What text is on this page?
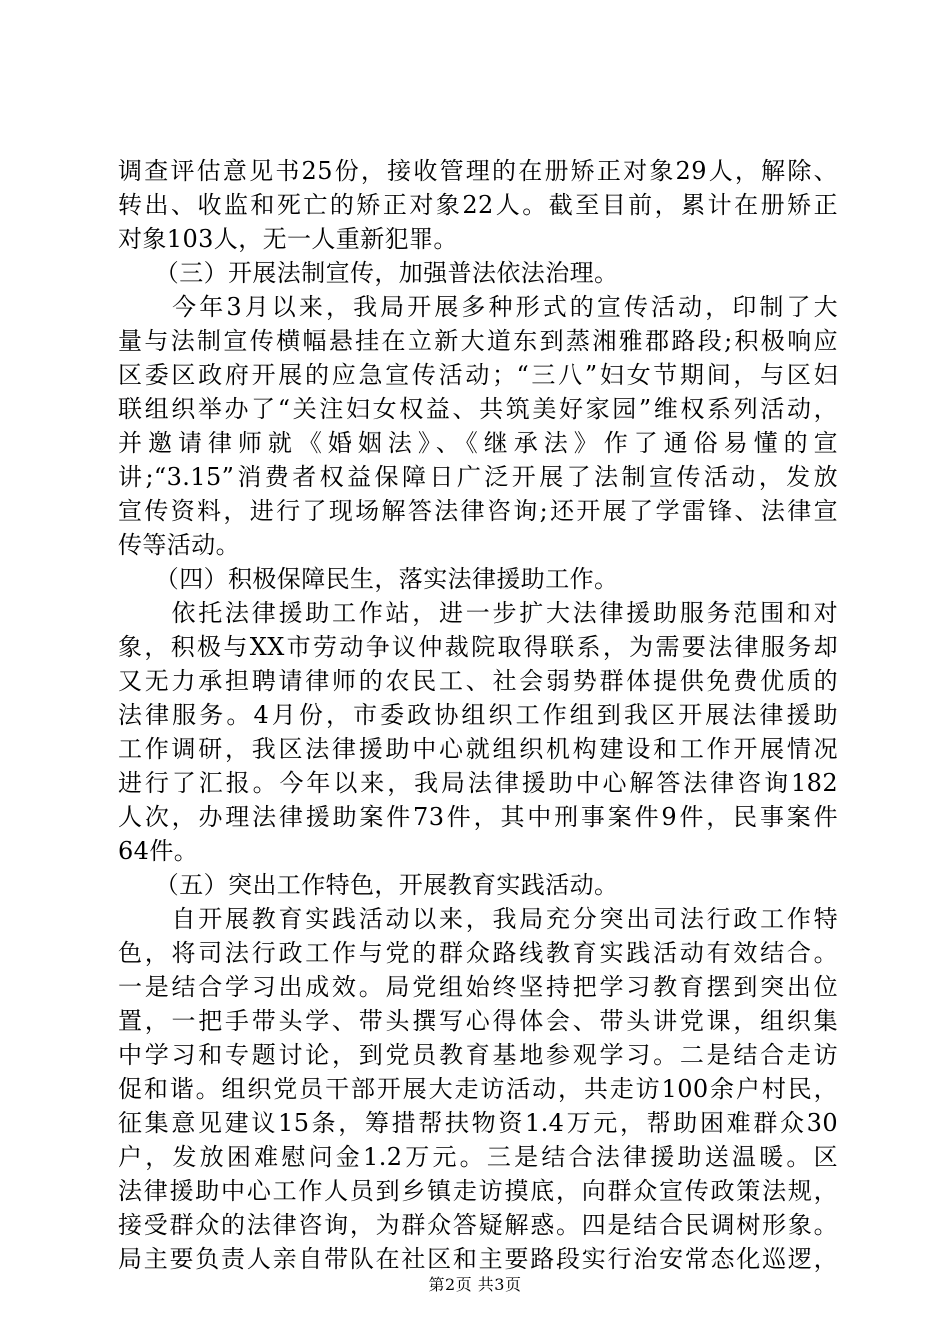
调查评估意见书25份，接收管理的在册矫正对象29人，解除、
转出、收监和死亡的矫正对象22人。截至目前，累计在册矫正
对象103人，无一人重新犯罪。
　　（三）开展法制宣传，加强普法依法治理。
　　今年3月以来，我局开展多种形式的宣传活动，印制了大
量与法制宣传横幅悬挂在立新大道东到蒸湘雅郡路段;积极响应
区委区政府开展的应急宣传活动；“三八”妇女节期间，与区妇
联组织举办了“关注妇女权益、共筑美好家园”维权系列活动，
并邀请律师就《婚姻法》、《继承法》作了通俗易懂的宣
讲;“3.15”消费者权益保障日广泛开展了法制宣传活动，发放
宣传资料，进行了现场解答法律咨询;还开展了学雷锋、法律宣
传等活动。
　　（四）积极保障民生，落实法律援助工作。
　　依托法律援助工作站，进一步扩大法律援助服务范围和对
象，积极与XX市劳动争议仲裁院取得联系，为需要法律服务却
又无力承担聘请律师的农民工、社会弱势群体提供免费优质的
法律服务。4月份，市委政协组织工作组到我区开展法律援助
工作调研，我区法律援助中心就组织机构建设和工作开展情况
进行了汇报。今年以来，我局法律援助中心解答法律咨询182
人次，办理法律援助案件73件，其中刑事案件9件，民事案件
64件。
　　（五）突出工作特色，开展教育实践活动。
　　自开展教育实践活动以来，我局充分突出司法行政工作特
色，将司法行政工作与党的群众路线教育实践活动有效结合。
一是结合学习出成效。局党组始终坚持把学习教育摆到突出位
置，一把手带头学、带头撰写心得体会、带头讲党课，组织集
中学习和专题讨论，到党员教育基地参观学习。二是结合走访
促和谐。组织党员干部开展大走访活动，共走访100余户村民，
征集意见建议15条，筹措帮扶物资1.4万元，帮助困难群众30
户，发放困难慰问金1.2万元。三是结合法律援助送温暖。区
法律援助中心工作人员到乡镇走访摸底，向群众宣传政策法规，
接受群众的法律咨询，为群众答疑解惑。四是结合民调树形象。
局主要负责人亲自带队在社区和主要路段实行治安常态化巡逻，
第2页 共3页
